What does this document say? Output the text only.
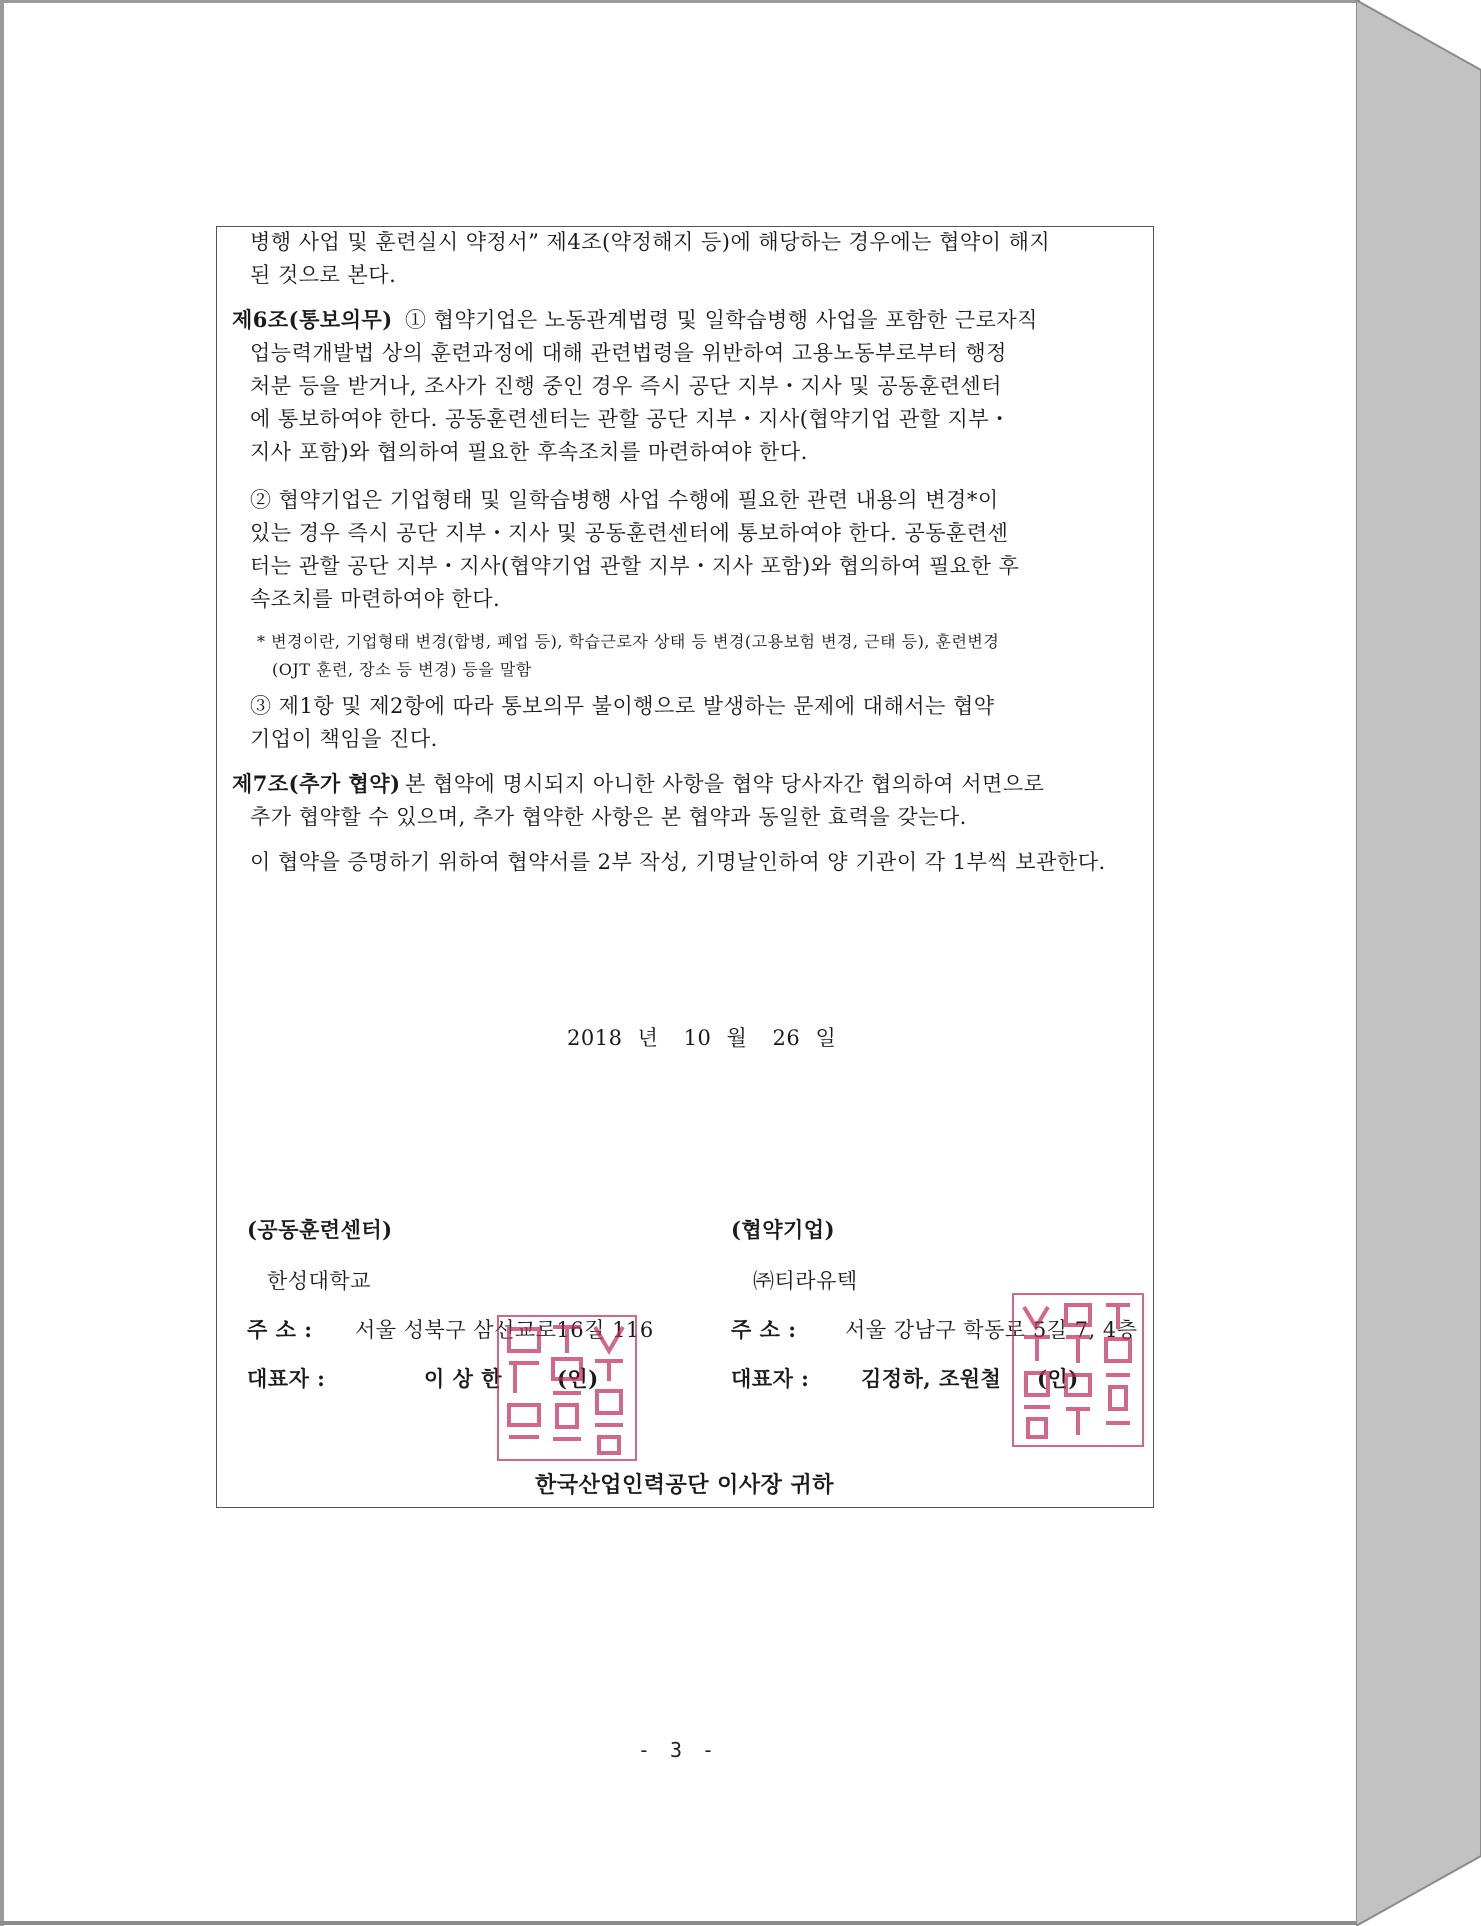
병행 사업 및 훈련실시 약정서” 제4조(약정해지 등)에 해당하는 경우에는 협약이 해지
된 것으로 본다.
제6조(통보의무) ① 협약기업은 노동관계법령 및 일학습병행 사업을 포함한 근로자직
업능력개발법 상의 훈련과정에 대해 관련법령을 위반하여 고용노동부로부터 행정
처분 등을 받거나, 조사가 진행 중인 경우 즉시 공단 지부・지사 및 공동훈련센터
에 통보하여야 한다. 공동훈련센터는 관할 공단 지부・지사(협약기업 관할 지부・
지사 포함)와 협의하여 필요한 후속조치를 마련하여야 한다.
② 협약기업은 기업형태 및 일학습병행 사업 수행에 필요한 관련 내용의 변경*이
있는 경우 즉시 공단 지부・지사 및 공동훈련센터에 통보하여야 한다. 공동훈련센
터는 관할 공단 지부・지사(협약기업 관할 지부・지사 포함)와 협의하여 필요한 후
속조치를 마련하여야 한다.
* 변경이란, 기업형태 변경(합병, 폐업 등), 학습근로자 상태 등 변경(고용보험 변경, 근태 등), 훈련변경
(OJT 훈련, 장소 등 변경) 등을 말함
③ 제1항 및 제2항에 따라 통보의무 불이행으로 발생하는 문제에 대해서는 협약
기업이 책임을 진다.
제7조(추가 협약) 본 협약에 명시되지 아니한 사항을 협약 당사자간 협의하여 서면으로
추가 협약할 수 있으며, 추가 협약한 사항은 본 협약과 동일한 효력을 갖는다.
이 협약을 증명하기 위하여 협약서를 2부 작성, 기명날인하여 양 기관이 각 1부씩 보관한다.
2018 년 10 월 26 일
(공동훈련센터)
한성대학교
주 소 : 서울 성북구 삼선교로16길 116
대표자 :	이 상 한	(인)
(협약기업)
㈜티라유텍
주 소 : 서울 강남구 학동로 5길 7, 4층
대표자 : 김정하, 조원철 (인)
한국산업인력공단 이사장 귀하
- 3 -
